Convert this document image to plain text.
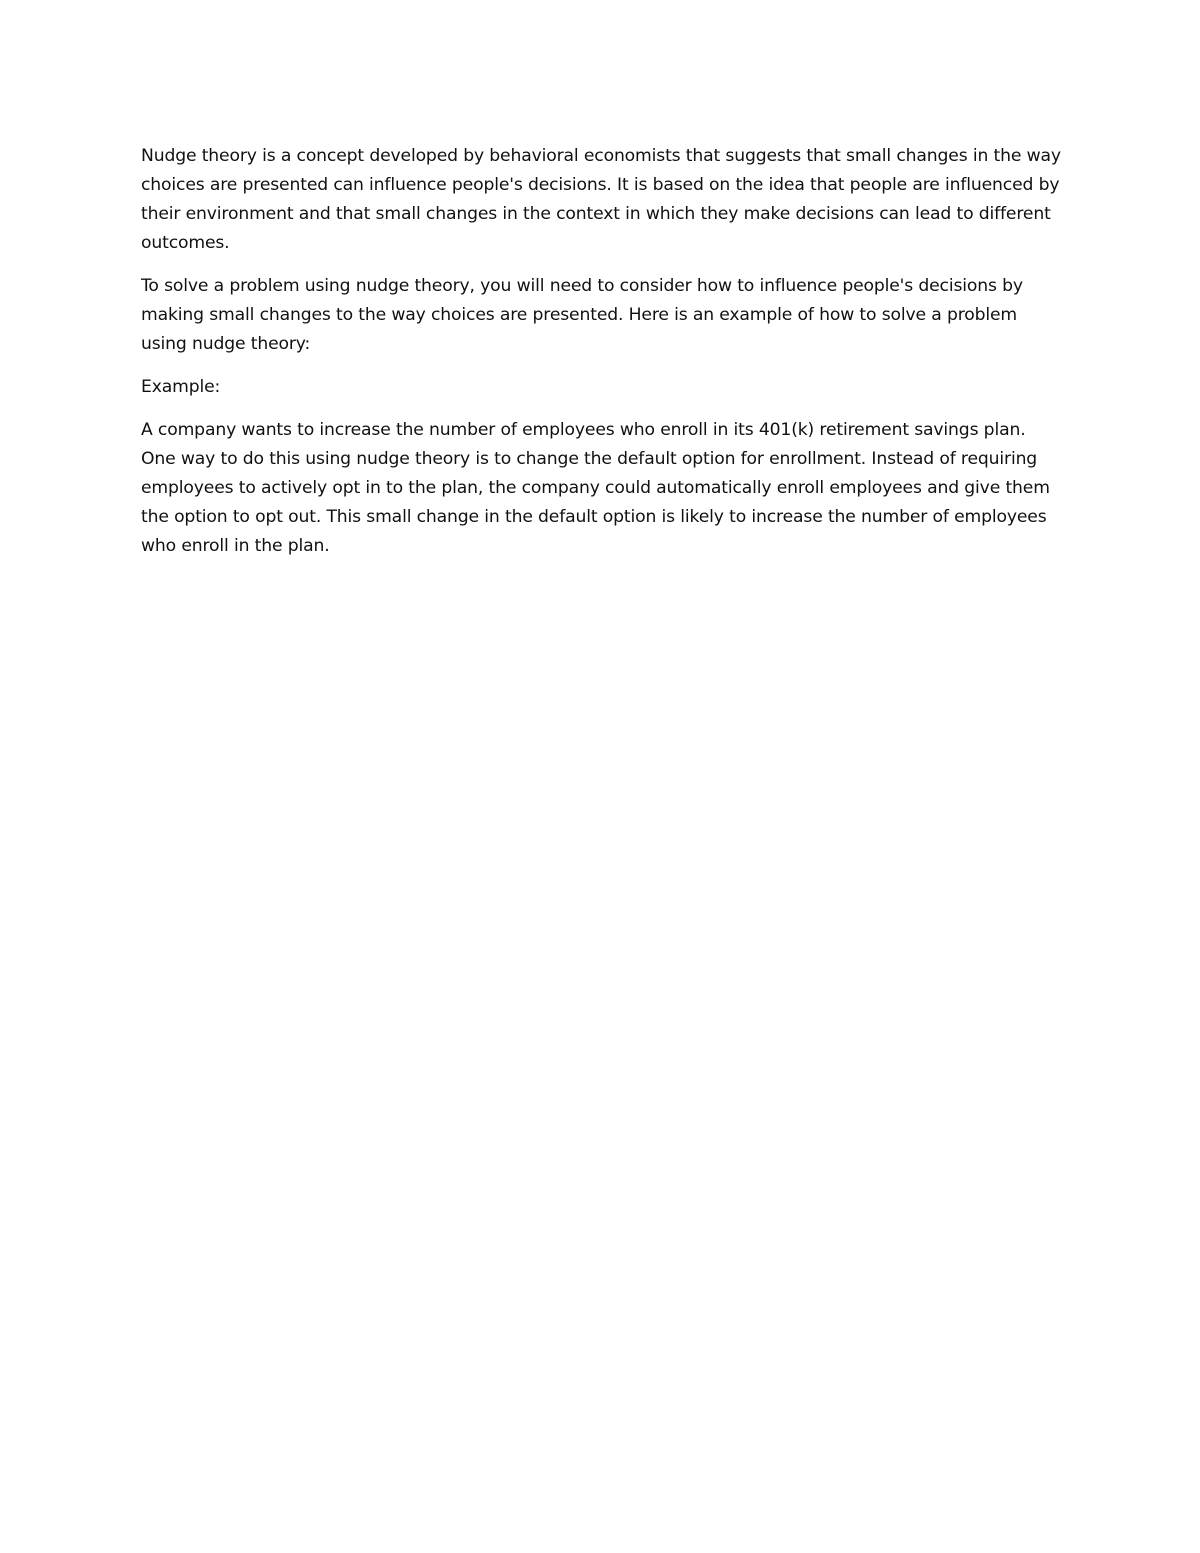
Nudge theory is a concept developed by behavioral economists that suggests that small changes in the way choices are presented can influence people's decisions. It is based on the idea that people are influenced by their environment and that small changes in the context in which they make decisions can lead to different outcomes.

To solve a problem using nudge theory, you will need to consider how to influence people's decisions by making small changes to the way choices are presented. Here is an example of how to solve a problem using nudge theory:

Example:

A company wants to increase the number of employees who enroll in its 401(k) retirement savings plan. One way to do this using nudge theory is to change the default option for enrollment. Instead of requiring employees to actively opt in to the plan, the company could automatically enroll employees and give them the option to opt out. This small change in the default option is likely to increase the number of employees who enroll in the plan.
